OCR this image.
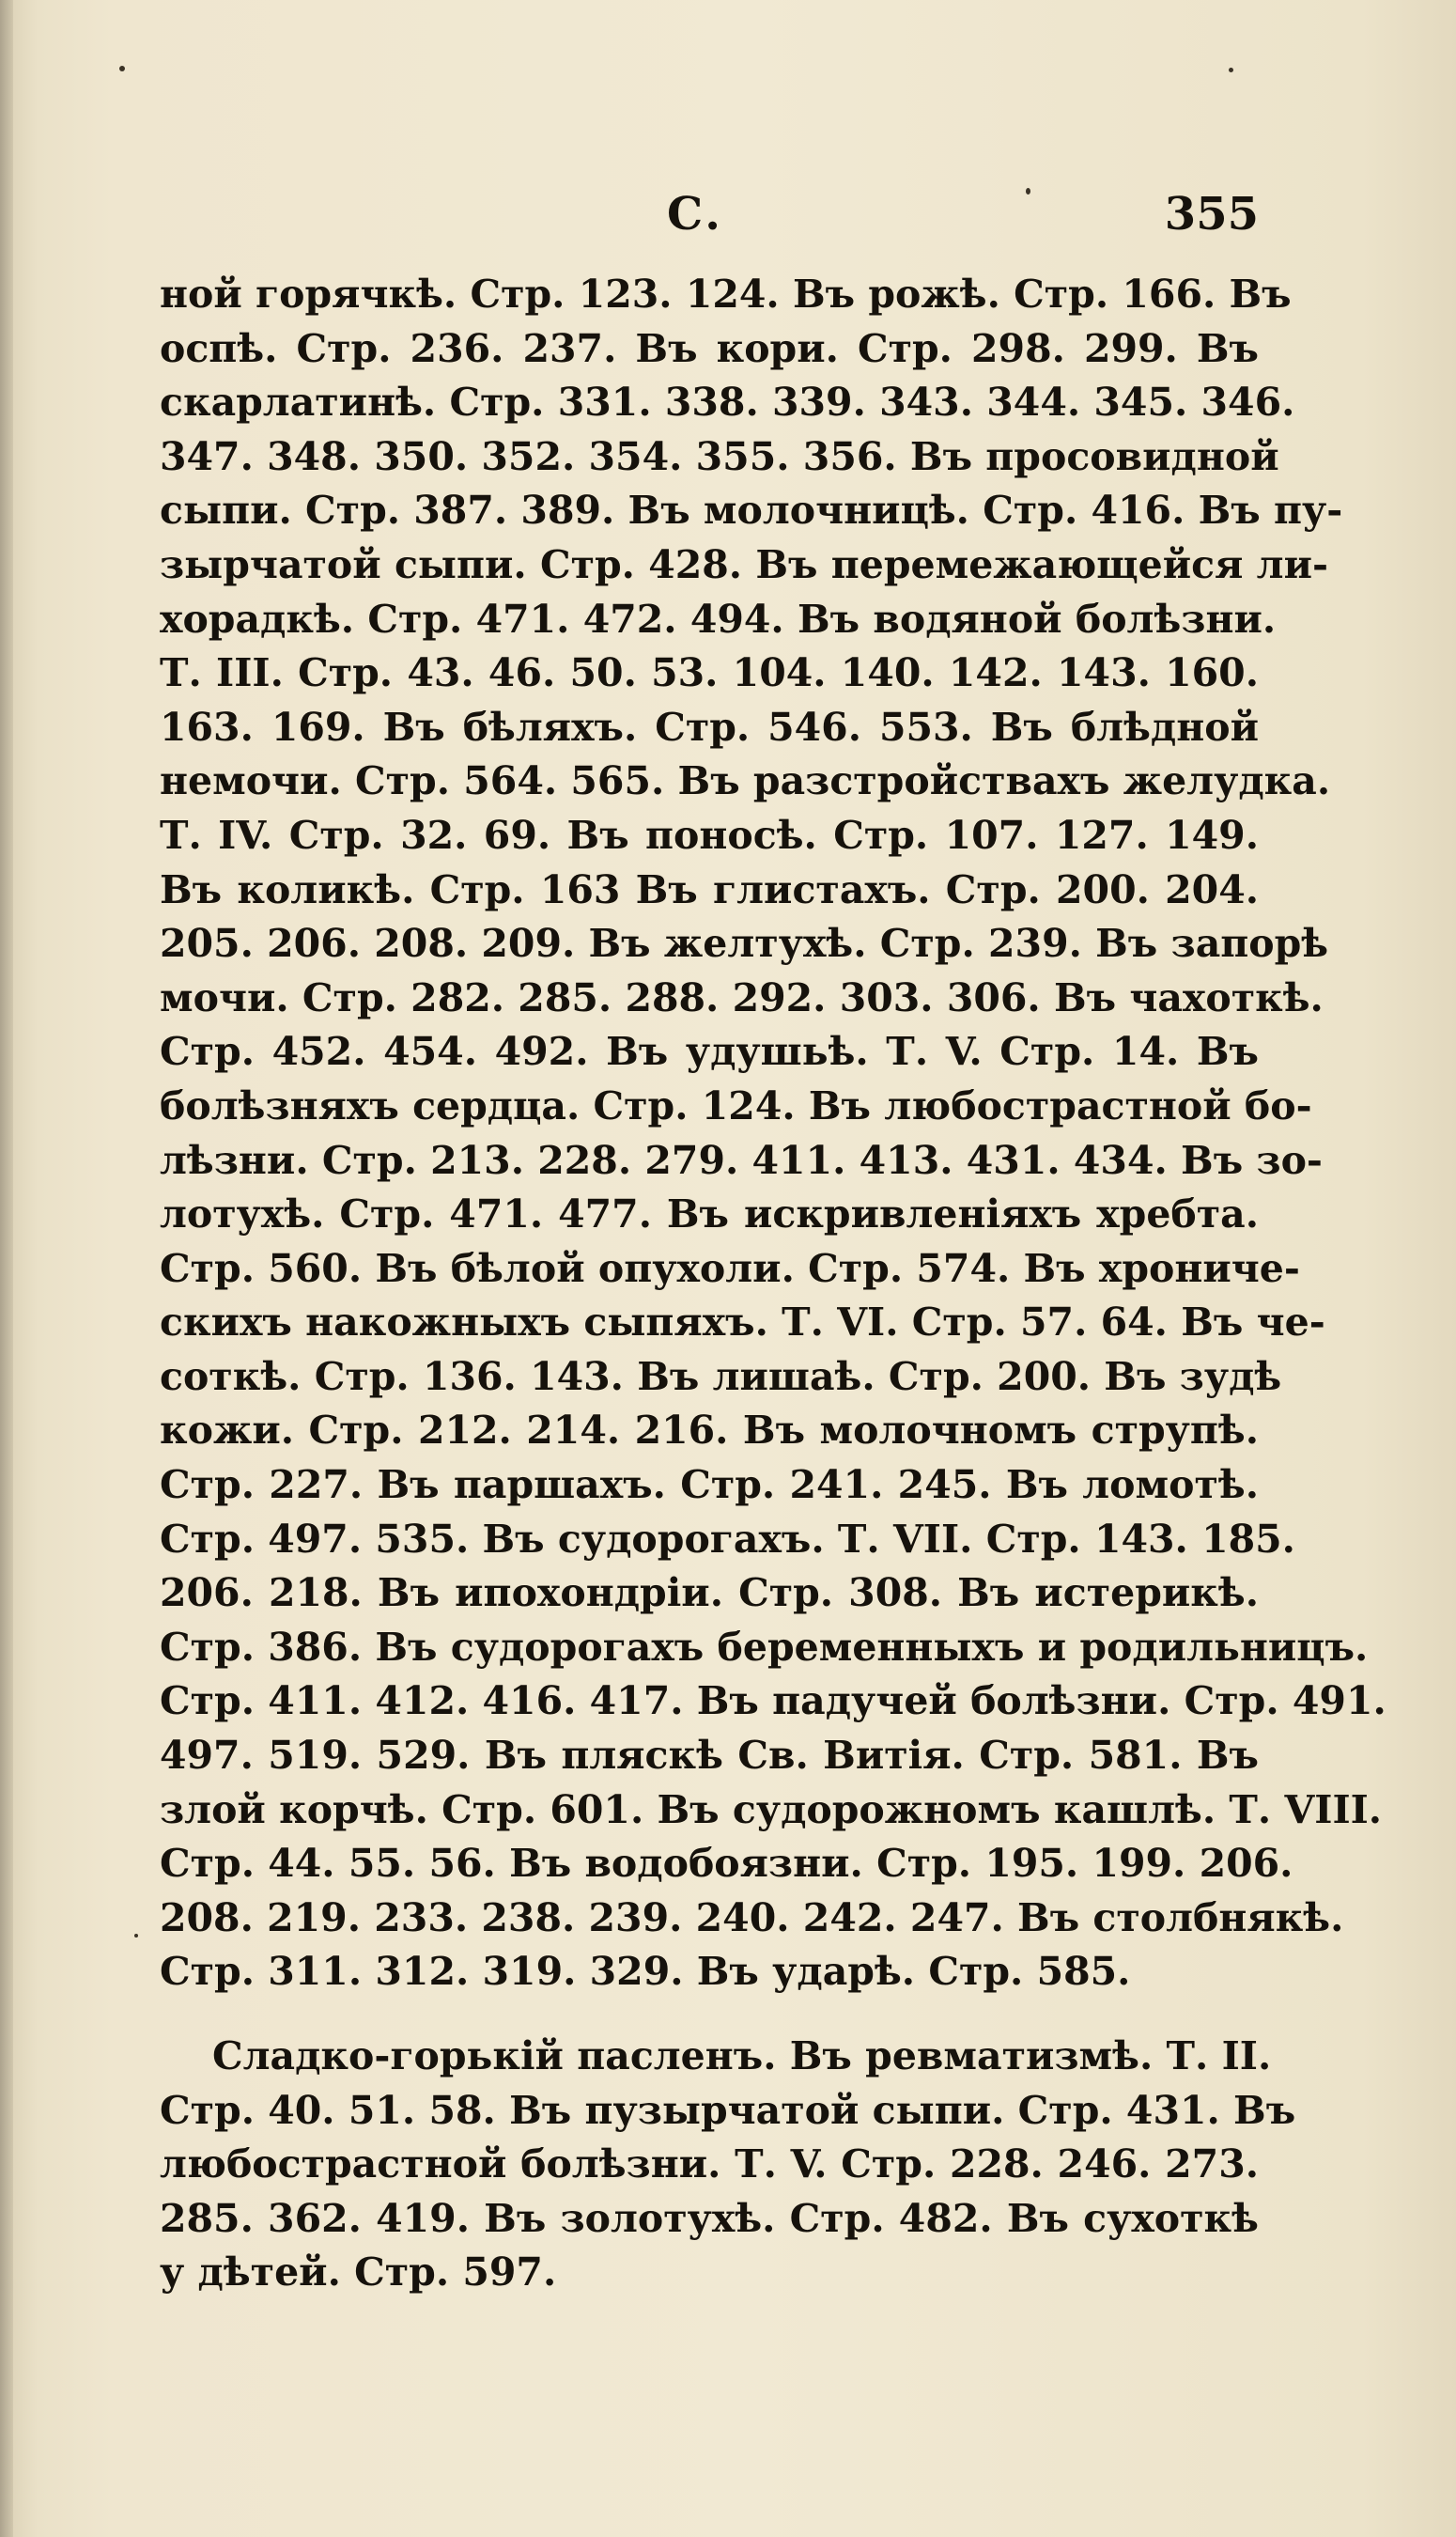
С.	355
ной горячкѣ. Стр. 123. 124. Въ рожѣ. Стр. 166. Въ
оспѣ. Стр. 236. 237. Въ кори. Стр. 298. 299. Въ
скарлатинѣ. Стр. 331. 338. 339. 343. 344. 345. 346.
347. 348. 350. 352. 354. 355. 356. Въ просовидной
сыпи. Стр. 387. 389. Въ молочницѣ. Стр. 416. Въ пу-
зырчатой сыпи. Стр. 428. Въ перемежающейся ли-
хорадкѣ. Стр. 471. 472. 494. Въ водяной болѣзни.
Т. III. Стр. 43. 46. 50. 53. 104. 140. 142. 143. 160.
163. 169. Въ бѣляхъ. Стр. 546. 553. Въ блѣдной
немочи. Стр. 564. 565. Въ разстройствахъ желудка.
Т. IV. Стр. 32. 69. Въ поносѣ. Стр. 107. 127. 149.
Въ коликѣ. Стр. 163 Въ глистахъ. Стр. 200. 204.
205. 206. 208. 209. Въ желтухѣ. Стр. 239. Въ запорѣ
мочи. Стр. 282. 285. 288. 292. 303. 306. Въ чахоткѣ.
Стр. 452. 454. 492. Въ удушьѣ. Т. V. Стр. 14. Въ
болѣзняхъ сердца. Стр. 124. Въ любострастной бо-
лѣзни. Стр. 213. 228. 279. 411. 413. 431. 434. Въ зо-
лотухѣ. Стр. 471. 477. Въ искривленіяхъ хребта.
Стр. 560. Въ бѣлой опухоли. Стр. 574. Въ хрониче-
скихъ накожныхъ сыпяхъ. Т. VI. Стр. 57. 64. Въ че-
соткѣ. Стр. 136. 143. Въ лишаѣ. Стр. 200. Въ зудѣ
кожи. Стр. 212. 214. 216. Въ молочномъ струпѣ.
Стр. 227. Въ паршахъ. Стр. 241. 245. Въ ломотѣ.
Стр. 497. 535. Въ судорогахъ. Т. VII. Стр. 143. 185.
206. 218. Въ ипохондріи. Стр. 308. Въ истерикѣ.
Стр. 386. Въ судорогахъ беременныхъ и родильницъ.
Стр. 411. 412. 416. 417. Въ падучей болѣзни. Стр. 491.
497. 519. 529. Въ пляскѣ Св. Витія. Стр. 581. Въ
злой корчѣ. Стр. 601. Въ судорожномъ кашлѣ. Т. VIII.
Стр. 44. 55. 56. Въ водобоязни. Стр. 195. 199. 206.
208. 219. 233. 238. 239. 240. 242. 247. Въ столбнякѣ.
Стр. 311. 312. 319. 329. Въ ударѣ. Стр. 585.
Сладко-горькій пасленъ. Въ ревматизмѣ. Т. II.
Стр. 40. 51. 58. Въ пузырчатой сыпи. Стр. 431. Въ
любострастной болѣзни. Т. V. Стр. 228. 246. 273.
285. 362. 419. Въ золотухѣ. Стр. 482. Въ сухоткѣ
у дѣтей. Стр. 597.
